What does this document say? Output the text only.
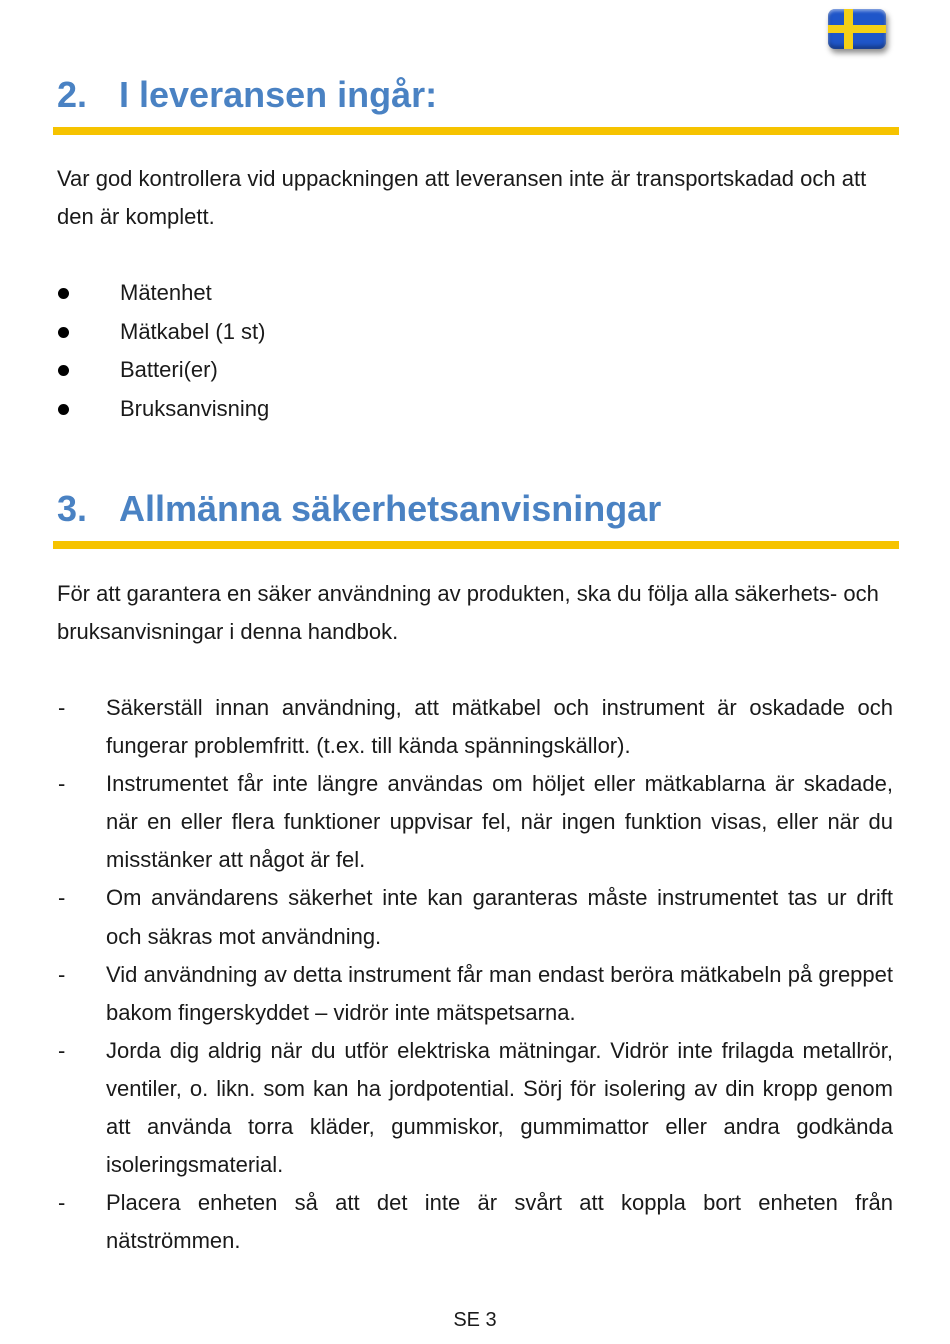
2. I leveransen ingår:

Var god kontrollera vid uppackningen att leveransen inte är transportskadad och att den är komplett.

Mätenhet
Mätkabel (1 st)
Batteri(er)
Bruksanvisning
3. Allmänna säkerhetsanvisningar

För att garantera en säker användning av produkten, ska du följa alla säkerhets- och bruksanvisningar i denna handbok.

- Säkerställ innan användning, att mätkabel och instrument är oskadade och fungerar problemfritt. (t.ex. till kända spänningskällor).
- Instrumentet får inte längre användas om höljet eller mätkablarna är skadade, när en eller flera funktioner uppvisar fel, när ingen funktion visas, eller när du misstänker att något är fel.
- Om användarens säkerhet inte kan garanteras måste instrumentet tas ur drift och säkras mot användning.
- Vid användning av detta instrument får man endast beröra mätkabeln på greppet bakom fingerskyddet – vidrör inte mätspetsarna.
- Jorda dig aldrig när du utför elektriska mätningar. Vidrör inte frilagda metallrör, ventiler, o. likn. som kan ha jordpotential. Sörj för isolering av din kropp genom att använda torra kläder, gummiskor, gummimattor eller andra godkända isoleringsmaterial.
- Placera enheten så att det inte är svårt att koppla bort enheten från nätströmmen.
SE 3
